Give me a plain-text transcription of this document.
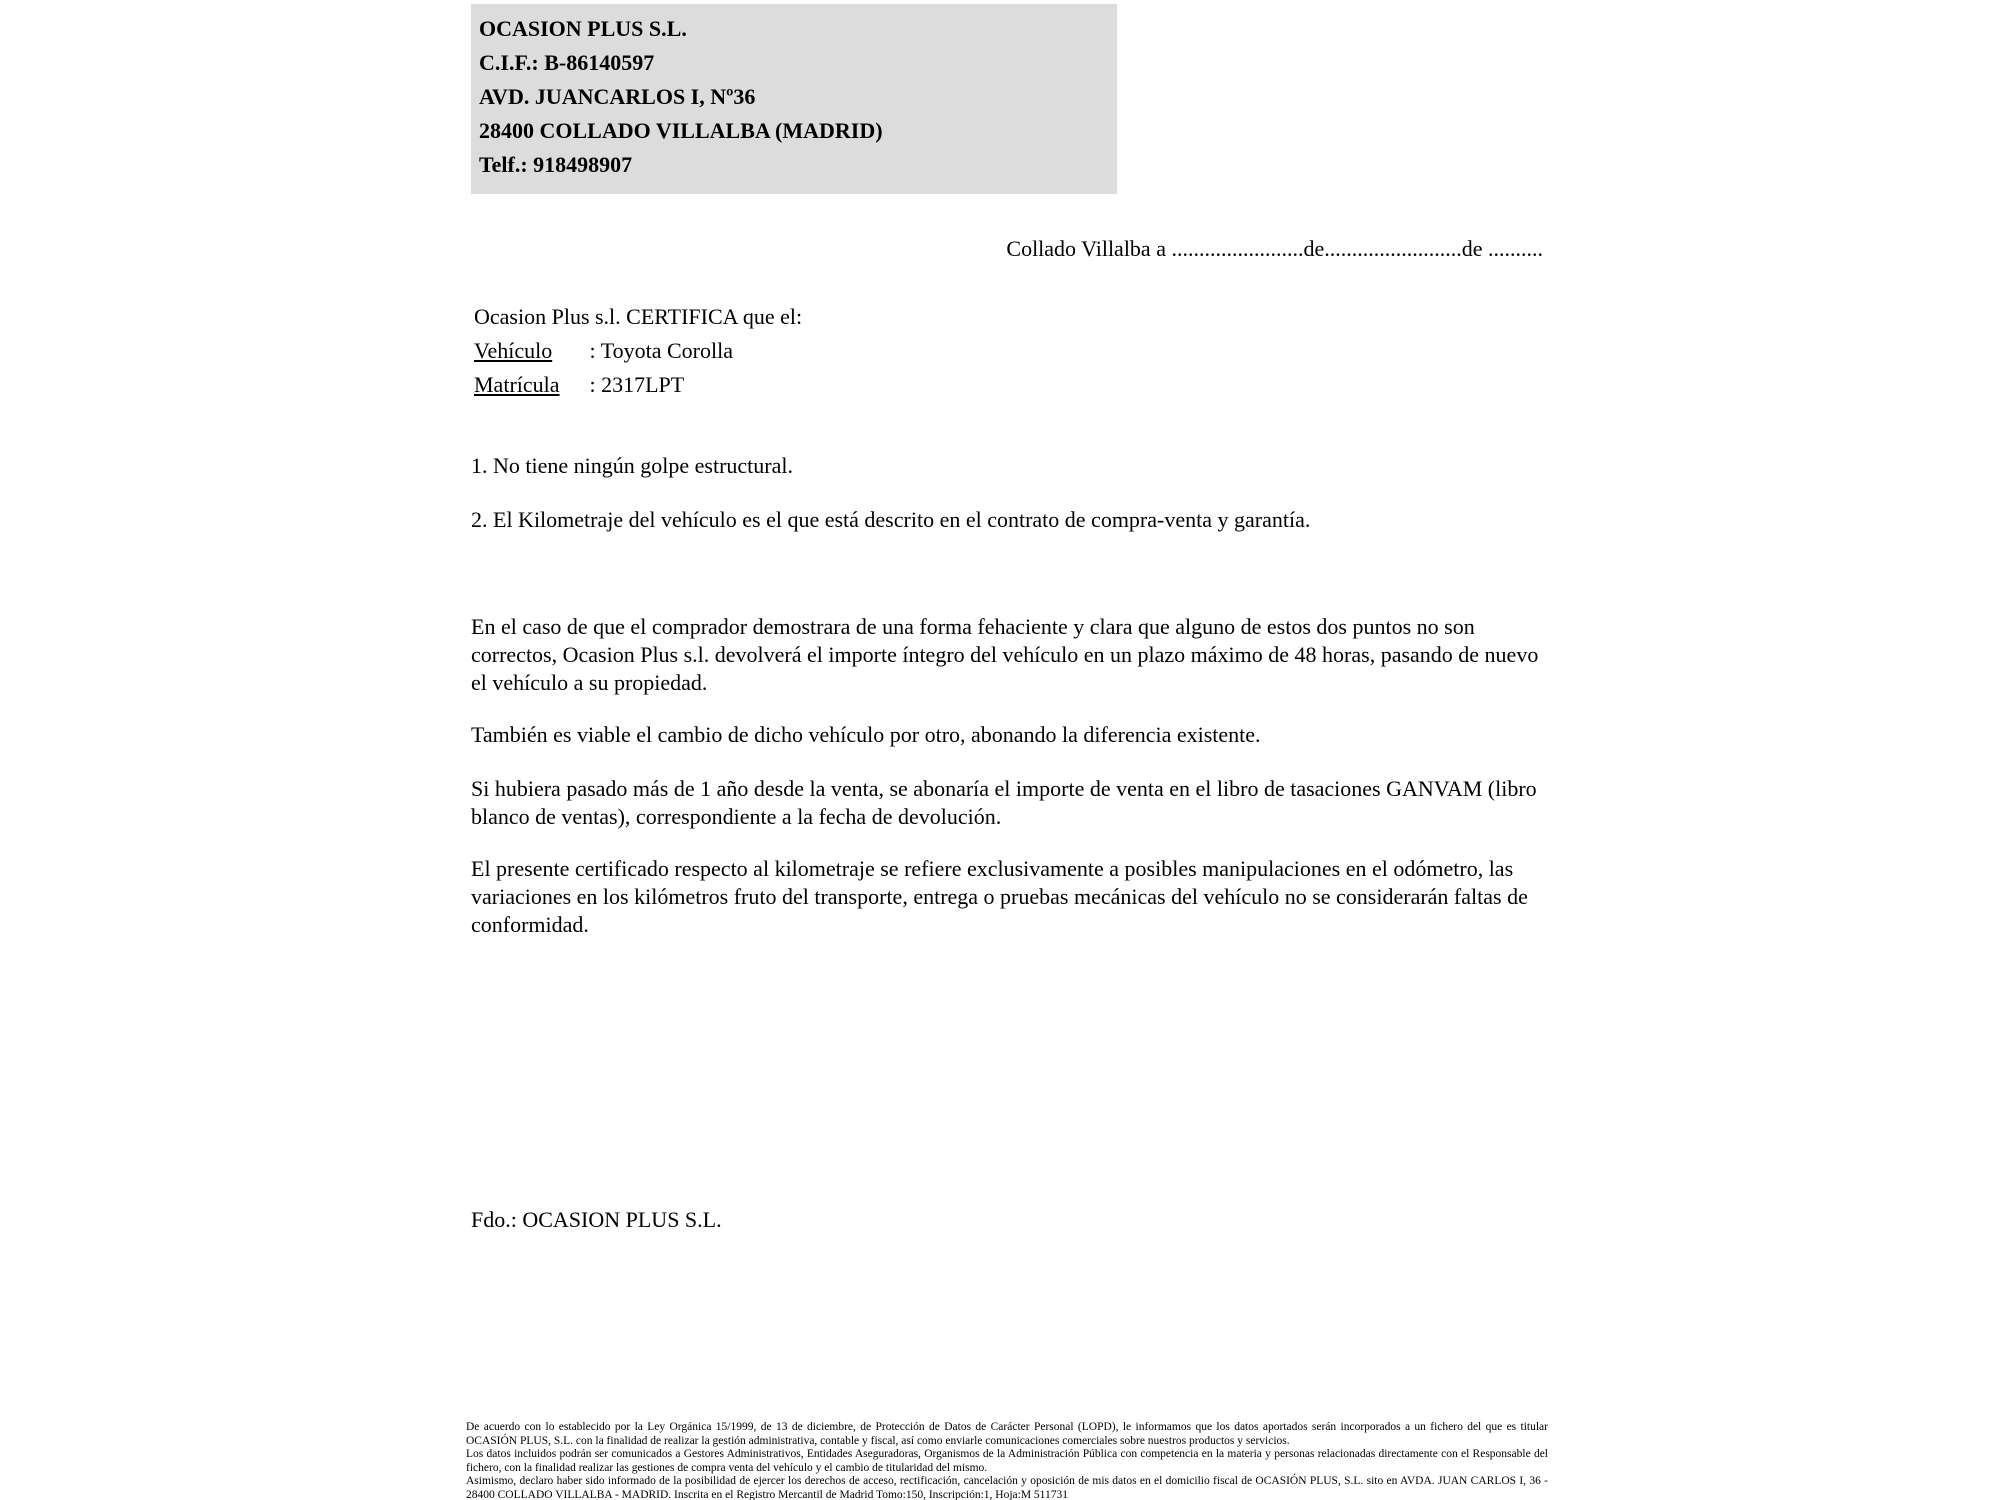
OCASION PLUS S.L.
C.I.F.: B-86140597
AVD. JUANCARLOS I, Nº36
28400 COLLADO VILLALBA (MADRID)
Telf.: 918498907
Collado Villalba a ........................de.........................de ..........
Ocasion Plus s.l. CERTIFICA que el:
Vehículo : Toyota Corolla
Matrícula : 2317LPT
1. No tiene ningún golpe estructural.
2. El Kilometraje del vehículo es el que está descrito en el contrato de compra-venta y garantía.
En el caso de que el comprador demostrara de una forma fehaciente y clara que alguno de estos dos puntos no son correctos, Ocasion Plus s.l. devolverá el importe íntegro del vehículo en un plazo máximo de 48 horas, pasando de nuevo el vehículo a su propiedad.
También es viable el cambio de dicho vehículo por otro, abonando la diferencia existente.
Si hubiera pasado más de 1 año desde la venta, se abonaría el importe de venta en el libro de tasaciones GANVAM (libro blanco de ventas), correspondiente a la fecha de devolución.
El presente certificado respecto al kilometraje se refiere exclusivamente a posibles manipulaciones en el odómetro, las variaciones en los kilómetros fruto del transporte, entrega o pruebas mecánicas del vehículo no se considerarán faltas de conformidad.
Fdo.: OCASION PLUS S.L.
De acuerdo con lo establecido por la Ley Orgánica 15/1999, de 13 de diciembre, de Protección de Datos de Carácter Personal (LOPD), le informamos que los datos aportados serán incorporados a un fichero del que es titular OCASIÓN PLUS, S.L. con la finalidad de realizar la gestión administrativa, contable y fiscal, así como enviarle comunicaciones comerciales sobre nuestros productos y servicios.
Los datos incluidos podrán ser comunicados a Gestores Administrativos, Entidades Aseguradoras, Organismos de la Administración Pública con competencia en la materia y personas relacionadas directamente con el Responsable del fichero, con la finalidad realizar las gestiones de compra venta del vehículo y el cambio de titularidad del mismo.
Asimismo, declaro haber sido informado de la posibilidad de ejercer los derechos de acceso, rectificación, cancelación y oposición de mis datos en el domicilio fiscal de OCASIÓN PLUS, S.L. sito en AVDA. JUAN CARLOS I, 36 - 28400 COLLADO VILLALBA - MADRID. Inscrita en el Registro Mercantil de Madrid Tomo:150, Inscripción:1, Hoja:M 511731
